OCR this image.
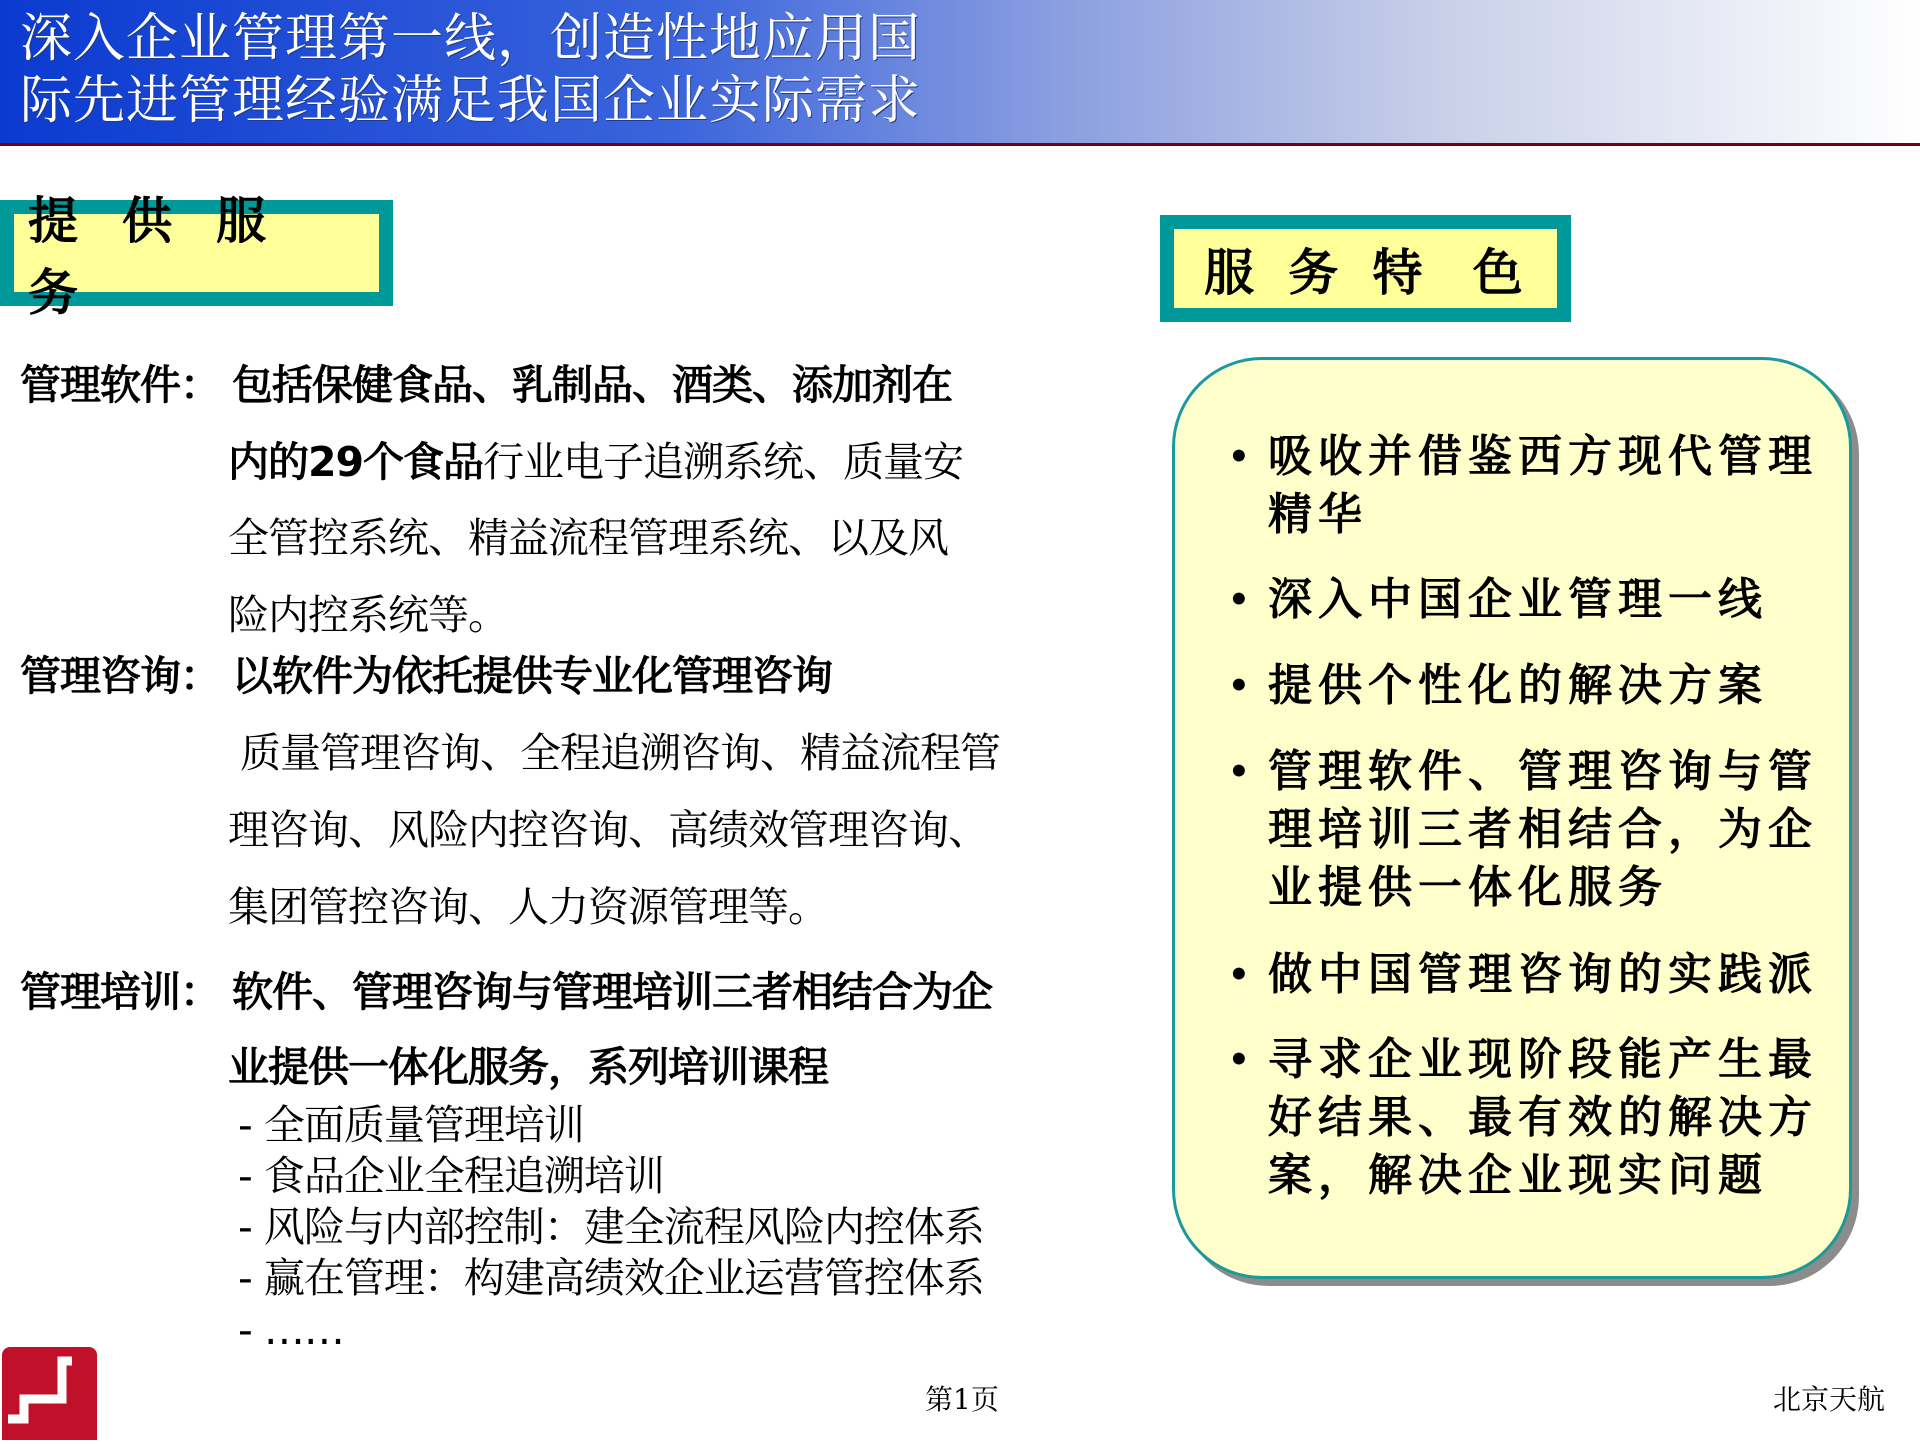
深入企业管理第一线，创造性地应用国
际先进管理经验满足我国企业实际需求
提供服务
管理软件： 包括保健食品、乳制品、酒类、添加剂在
内的29个食品行业电子追溯系统、质量安
全管控系统、精益流程管理系统、以及风
险内控系统等。
管理咨询： 以软件为依托提供专业化管理咨询
质量管理咨询、全程追溯咨询、精益流程管
理咨询、风险内控咨询、高绩效管理咨询、
集团管控咨询、人力资源管理等。
管理培训： 软件、管理咨询与管理培训三者相结合为企
业提供一体化服务，系列培训课程
- 全面质量管理培训
- 食品企业全程追溯培训
- 风险与内部控制：建全流程风险内控体系
- 赢在管理：构建高绩效企业运营管控体系
- ……
服 务 特	色
• 吸收并借鉴西方现代管理精华
• 深入中国企业管理一线
• 提供个性化的解决方案
• 管理软件、管理咨询与管理培训三者相结合，为企业提供一体化服务
• 做中国管理咨询的实践派
• 寻求企业现阶段能产生最好结果、最有效的解决方案，解决企业现实问题
第1页	北京天航
